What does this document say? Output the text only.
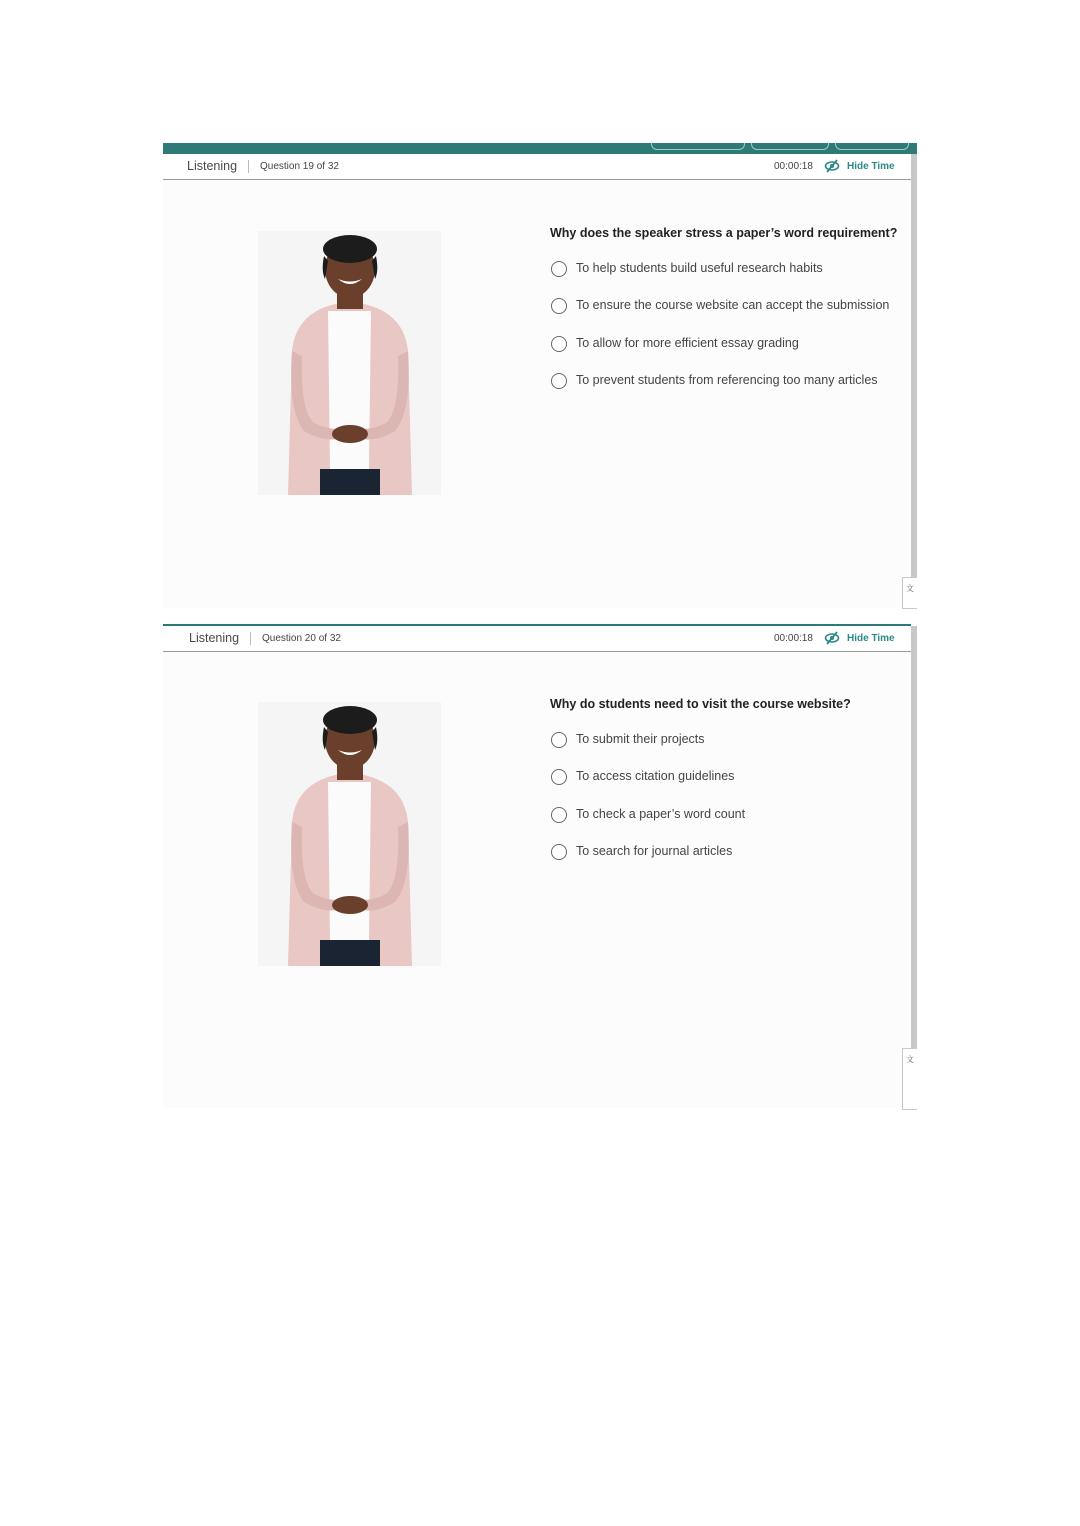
Listening Question 19 of 32	00:00:18	Hide Time
文
Why does the speaker stress a paper’s word requirement?
To help students build useful research habits
To ensure the course website can accept the submission
To allow for more efficient essay grading
To prevent students from referencing too many articles
Listening Question 20 of 32	00:00:18	Hide Time
文
Why do students need to visit the course website?
To submit their projects
To access citation guidelines
To check a paper’s word count
To search for journal articles
